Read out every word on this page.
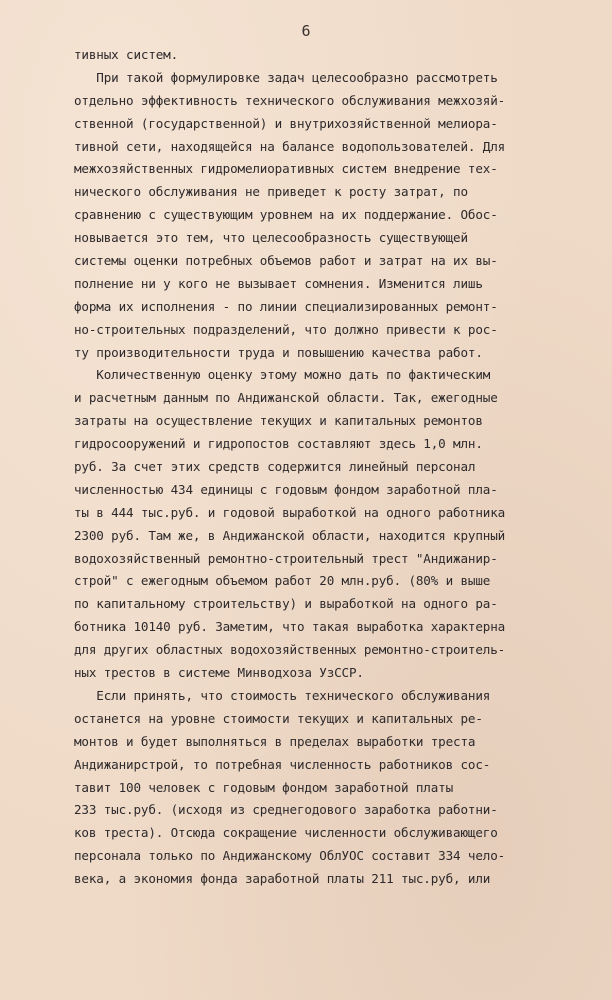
6
тивных систем.
При такой формулировке задач целесообразно рассмотреть
отдельно эффективность технического обслуживания межхозяй-
ственной (государственной) и внутрихозяйственной мелиора-
тивной сети, находящейся на балансе водопользователей. Для
межхозяйственных гидромелиоративных систем внедрение тех-
нического обслуживания не приведет к росту затрат, по
сравнению с существующим уровнем на их поддержание. Обос-
новывается это тем, что целесообразность существующей
системы оценки потребных объемов работ и затрат на их вы-
полнение ни у кого не вызывает сомнения. Изменится лишь
форма их исполнения - по линии специализированных ремонт-
но-строительных подразделений, что должно привести к рос-
ту производительности труда и повышению качества работ.
Количественную оценку этому можно дать по фактическим
и расчетным данным по Андижанской области. Так, ежегодные
затраты на осуществление текущих и капитальных ремонтов
гидросооружений и гидропостов составляют здесь 1,0 млн.
руб. За счет этих средств содержится линейный персонал
численностью 434 единицы с годовым фондом заработной пла-
ты в 444 тыс.руб. и годовой выработкой на одного работника
2300 руб. Там же, в Андижанской области, находится крупный
водохозяйственный ремонтно-строительный трест "Андижанир-
строй" с ежегодным объемом работ 20 млн.руб. (80% и выше
по капитальному строительству) и выработкой на одного ра-
ботника 10140 руб. Заметим, что такая выработка характерна
для других областных водохозяйственных ремонтно-строитель-
ных трестов в системе Минводхоза УзССР.
Если принять, что стоимость технического обслуживания
останется на уровне стоимости текущих и капитальных ре-
монтов и будет выполняться в пределах выработки треста
Андижанирстрой, то потребная численность работников сос-
тавит 100 человек с годовым фондом заработной платы
233 тыс.руб. (исходя из среднегодового заработка работни-
ков треста). Отсюда сокращение численности обслуживающего
персонала только по Андижанскому ОблУОС составит 334 чело-
века, а экономия фонда заработной платы 211 тыс.руб, или
